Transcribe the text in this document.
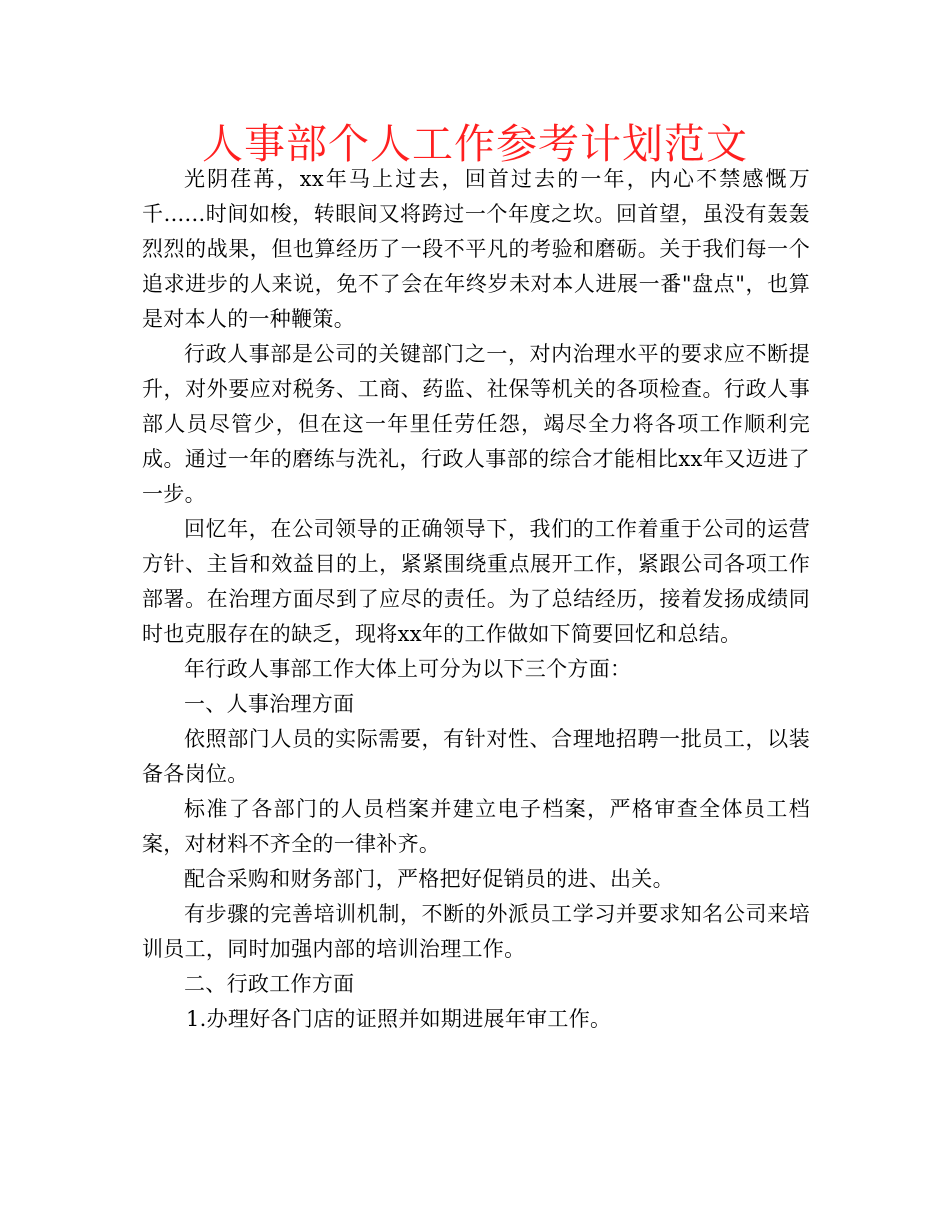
人事部个人工作参考计划范文

光阴荏苒，xx年马上过去，回首过去的一年，内心不禁感慨万千......时间如梭，转眼间又将跨过一个年度之坎。回首望，虽没有轰轰烈烈的战果，但也算经历了一段不平凡的考验和磨砺。关于我们每一个追求进步的人来说，免不了会在年终岁未对本人进展一番"盘点"，也算是对本人的一种鞭策。

行政人事部是公司的关键部门之一，对内治理水平的要求应不断提升，对外要应对税务、工商、药监、社保等机关的各项检查。行政人事部人员尽管少，但在这一年里任劳任怨，竭尽全力将各项工作顺利完成。通过一年的磨练与洗礼，行政人事部的综合才能相比xx年又迈进了一步。

回忆年，在公司领导的正确领导下，我们的工作着重于公司的运营方针、主旨和效益目的上，紧紧围绕重点展开工作，紧跟公司各项工作部署。在治理方面尽到了应尽的责任。为了总结经历，接着发扬成绩同时也克服存在的缺乏，现将xx年的工作做如下简要回忆和总结。

年行政人事部工作大体上可分为以下三个方面：

一、人事治理方面

依照部门人员的实际需要，有针对性、合理地招聘一批员工，以装备各岗位。

标准了各部门的人员档案并建立电子档案，严格审查全体员工档案，对材料不齐全的一律补齐。

配合采购和财务部门，严格把好促销员的进、出关。

有步骤的完善培训机制，不断的外派员工学习并要求知名公司来培训员工，同时加强内部的培训治理工作。

二、行政工作方面

1.办理好各门店的证照并如期进展年审工作。
